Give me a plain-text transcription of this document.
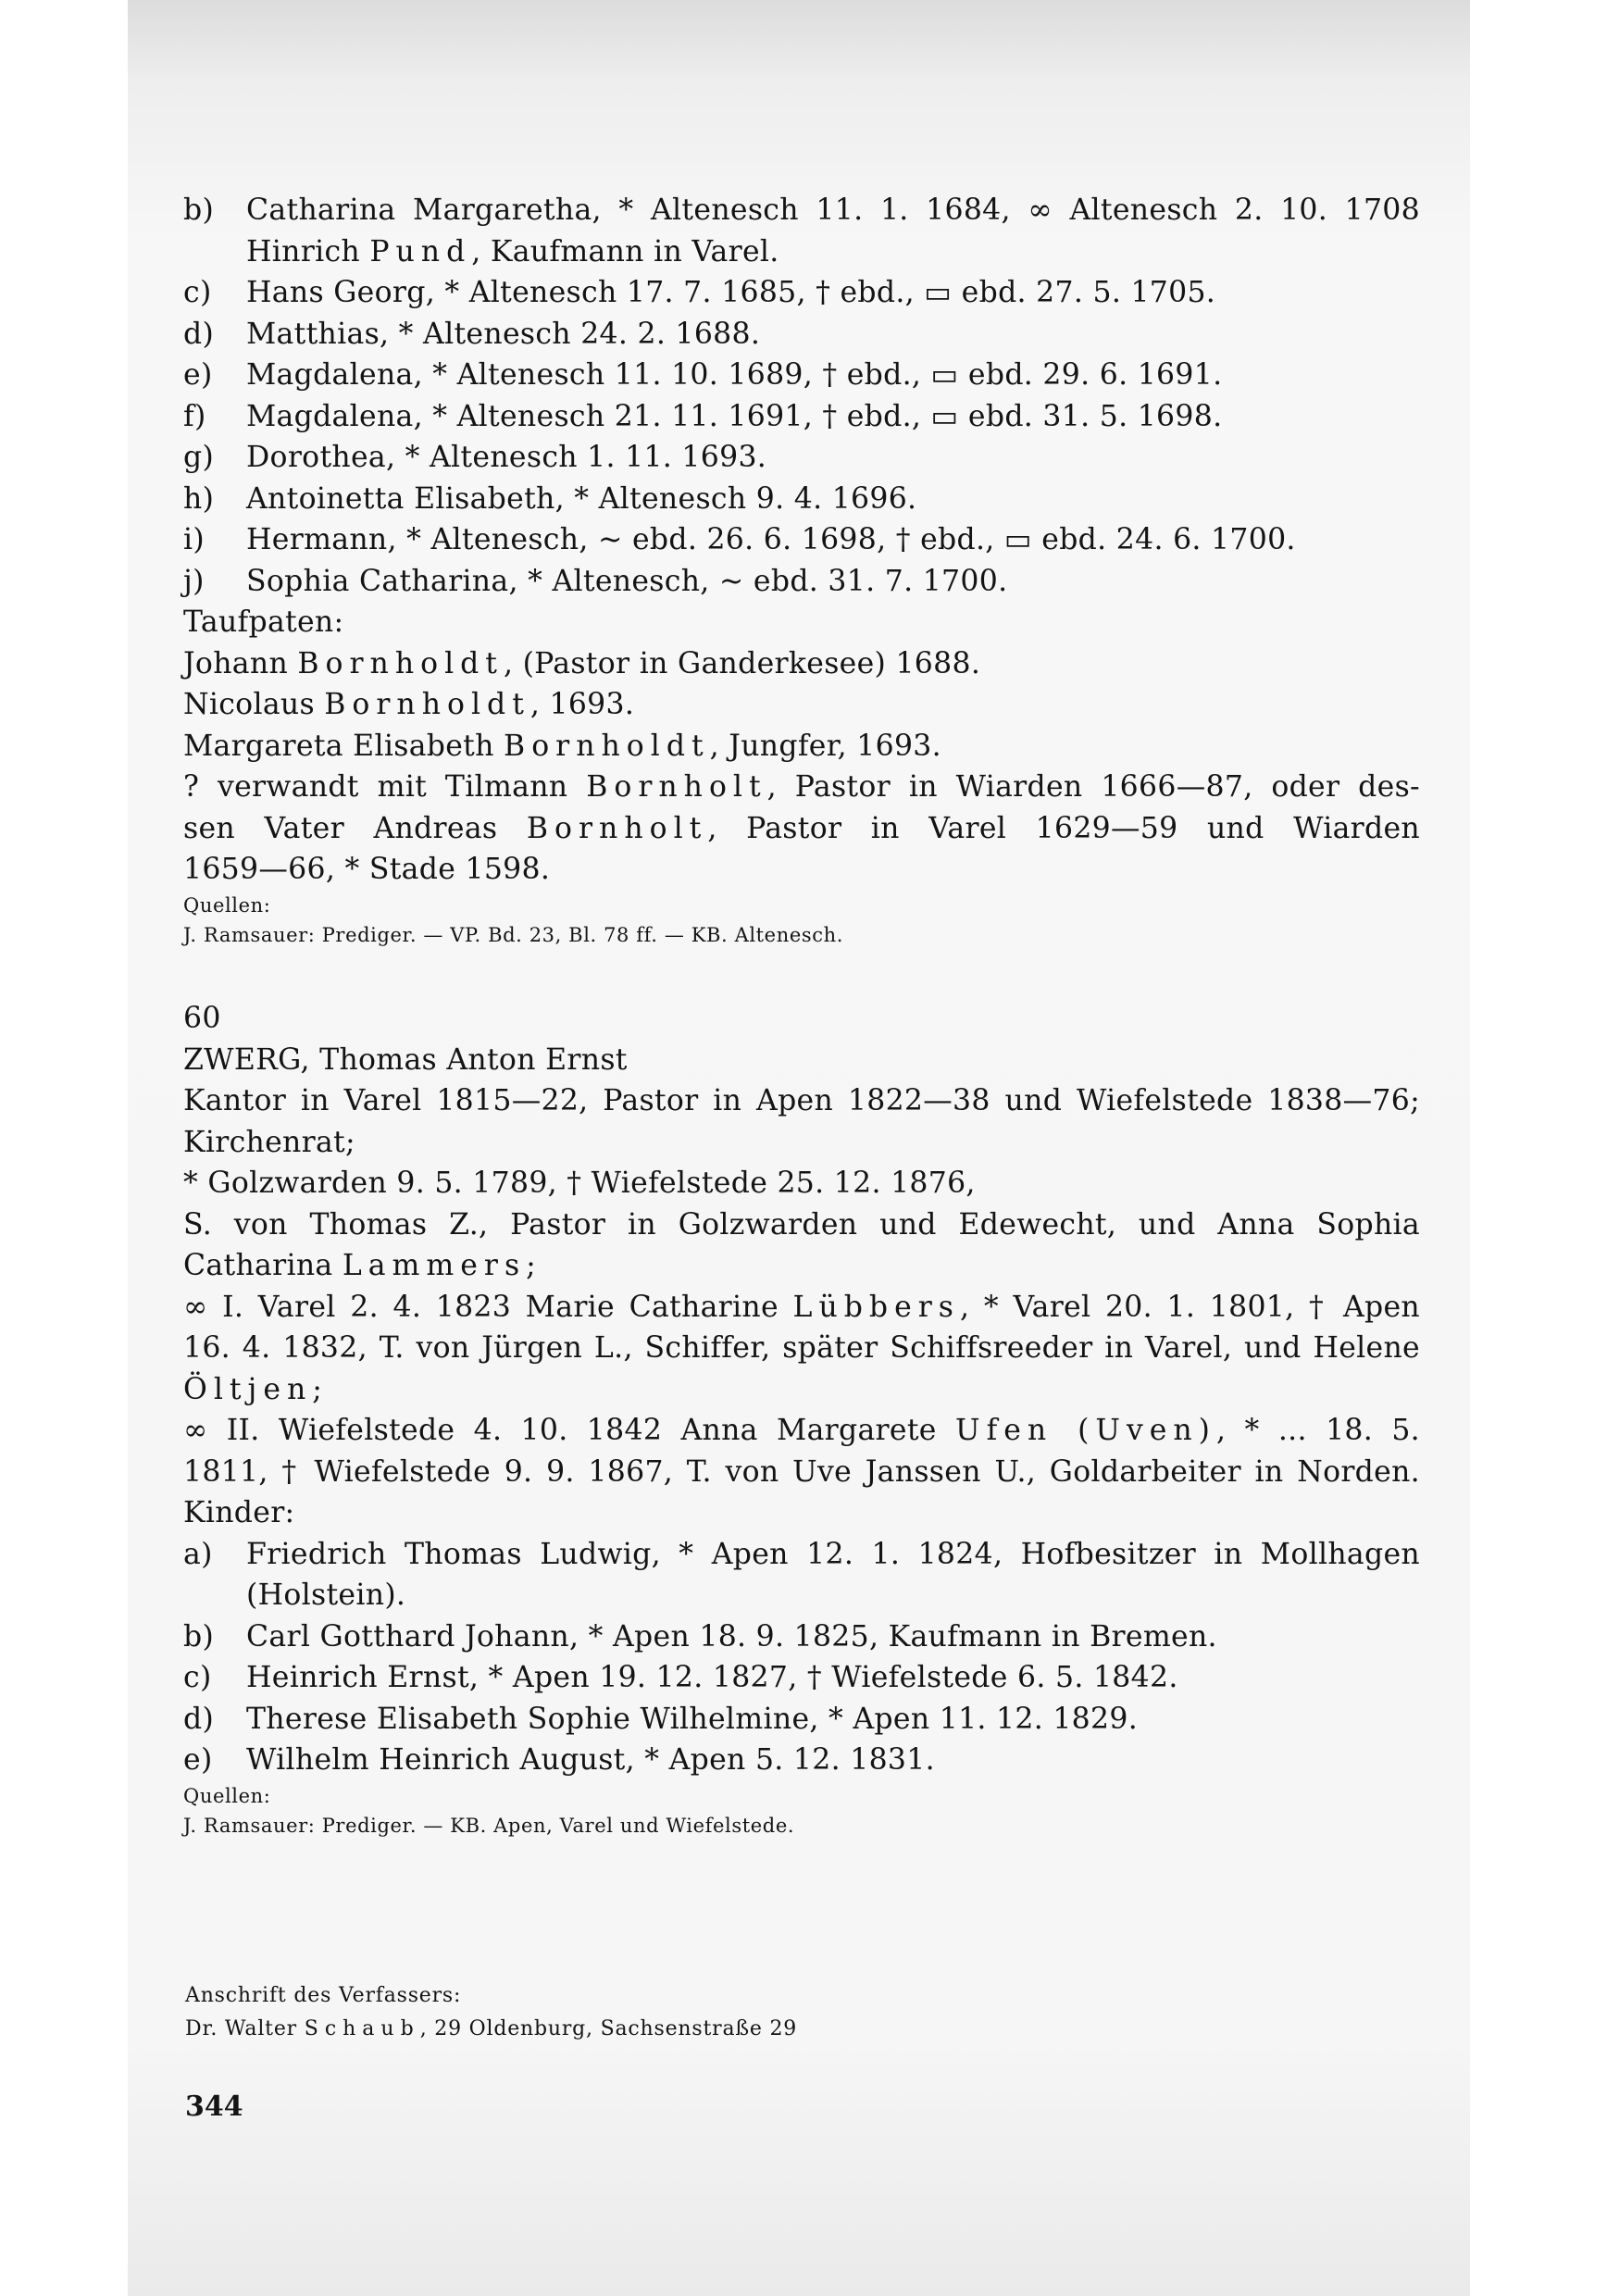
b) Catharina Margaretha, * Altenesch 11. 1. 1684, ∞ Altenesch 2. 10. 1708
Hinrich Pund, Kaufmann in Varel.
c) Hans Georg, * Altenesch 17. 7. 1685, † ebd., ▭ ebd. 27. 5. 1705.
d) Matthias, * Altenesch 24. 2. 1688.
e) Magdalena, * Altenesch 11. 10. 1689, † ebd., ▭ ebd. 29. 6. 1691.
f) Magdalena, * Altenesch 21. 11. 1691, † ebd., ▭ ebd. 31. 5. 1698.
g) Dorothea, * Altenesch 1. 11. 1693.
h) Antoinetta Elisabeth, * Altenesch 9. 4. 1696.
i) Hermann, * Altenesch, ~ ebd. 26. 6. 1698, † ebd., ▭ ebd. 24. 6. 1700.
j) Sophia Catharina, * Altenesch, ~ ebd. 31. 7. 1700.
Taufpaten:
Johann Bornholdt, (Pastor in Ganderkesee) 1688.
Nicolaus Bornholdt, 1693.
Margareta Elisabeth Bornholdt, Jungfer, 1693.
? verwandt mit Tilmann Bornholt, Pastor in Wiarden 1666—87, oder des-
sen Vater Andreas Bornholt, Pastor in Varel 1629—59 und Wiarden
1659—66, * Stade 1598.
Quellen:
J. Ramsauer: Prediger. — VP. Bd. 23, Bl. 78 ff. — KB. Altenesch.
60
ZWERG, Thomas Anton Ernst
Kantor in Varel 1815—22, Pastor in Apen 1822—38 und Wiefelstede 1838—76;
Kirchenrat;
* Golzwarden 9. 5. 1789, † Wiefelstede 25. 12. 1876,
S. von Thomas Z., Pastor in Golzwarden und Edewecht, und Anna Sophia
Catharina Lammers;
∞ I. Varel 2. 4. 1823 Marie Catharine Lübbers, * Varel 20. 1. 1801, † Apen
16. 4. 1832, T. von Jürgen L., Schiffer, später Schiffsreeder in Varel, und Helene
Öltjen;
∞ II. Wiefelstede 4. 10. 1842 Anna Margarete Ufen (Uven), * ... 18. 5.
1811, † Wiefelstede 9. 9. 1867, T. von Uve Janssen U., Goldarbeiter in Norden.
Kinder:
a) Friedrich Thomas Ludwig, * Apen 12. 1. 1824, Hofbesitzer in Mollhagen
(Holstein).
b) Carl Gotthard Johann, * Apen 18. 9. 1825, Kaufmann in Bremen.
c) Heinrich Ernst, * Apen 19. 12. 1827, † Wiefelstede 6. 5. 1842.
d) Therese Elisabeth Sophie Wilhelmine, * Apen 11. 12. 1829.
e) Wilhelm Heinrich August, * Apen 5. 12. 1831.
Quellen:
J. Ramsauer: Prediger. — KB. Apen, Varel und Wiefelstede.
Anschrift des Verfassers:
Dr. Walter Schaub, 29 Oldenburg, Sachsenstraße 29
344
